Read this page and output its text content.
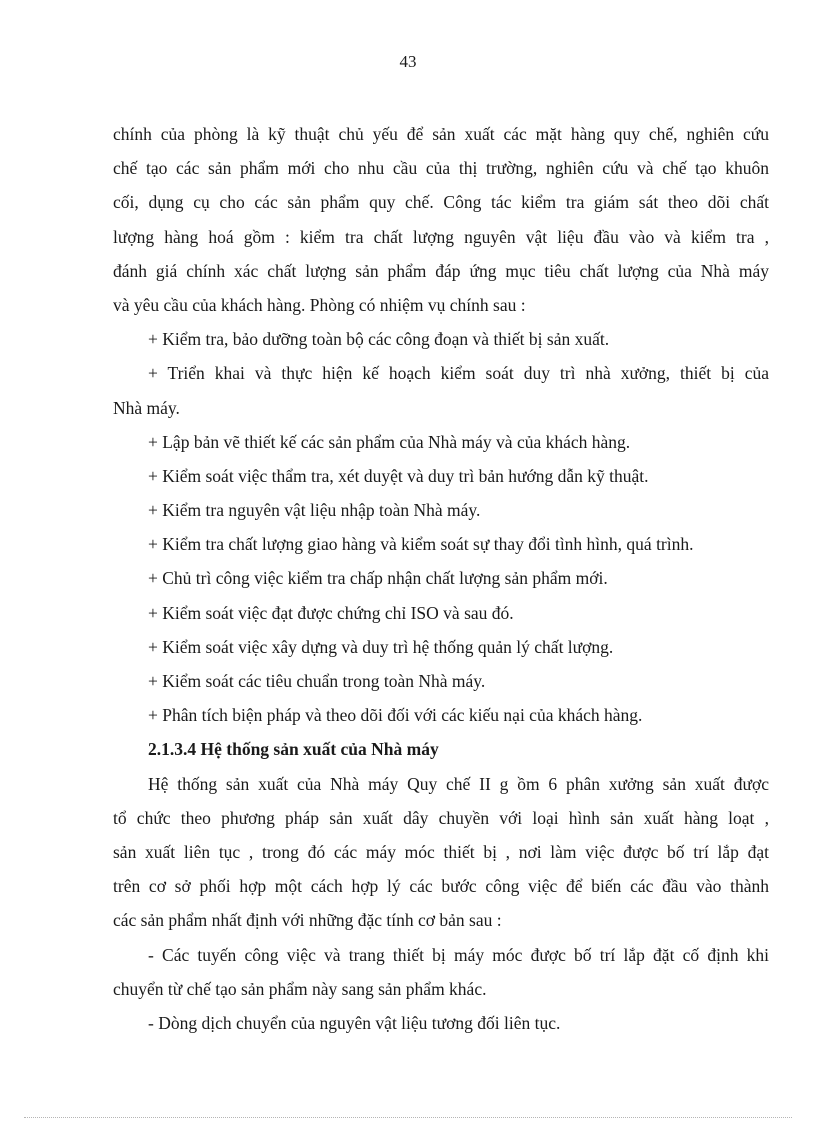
43
chính của phòng là kỹ thuật chủ yếu để sản xuất các mặt hàng quy chế, nghiên cứu
chế tạo các sản phẩm mới cho nhu cầu của thị trường, nghiên cứu và chế tạo khuôn
cối, dụng cụ cho các sản phẩm quy chế. Công tác kiểm tra giám sát theo dõi chất
lượng hàng hoá gồm : kiểm tra chất lượng nguyên vật liệu đầu vào và kiểm tra ,
đánh giá chính xác chất lượng sản phẩm đáp ứng mục tiêu chất lượng của Nhà máy
và yêu cầu của khách hàng. Phòng có nhiệm vụ chính sau :
+ Kiểm tra, bảo dưỡng toàn bộ các công đoạn và thiết bị sản xuất.
+ Triển khai và thực hiện kế hoạch kiểm soát duy trì nhà xưởng, thiết bị của
Nhà máy.
+ Lập bản vẽ thiết kế các sản phẩm của Nhà máy và của khách hàng.
+ Kiểm soát việc thẩm tra, xét duyệt và duy trì bản hướng dẫn kỹ thuật.
+ Kiểm tra nguyên vật liệu nhập toàn Nhà máy.
+ Kiểm tra chất lượng giao hàng và kiểm soát sự thay đổi tình hình, quá trình.
+ Chủ trì công việc kiểm tra chấp nhận chất lượng sản phẩm mới.
+ Kiểm soát việc đạt được chứng chỉ ISO và sau đó.
+ Kiểm soát việc xây dựng và duy trì hệ thống quản lý chất lượng.
+ Kiểm soát các tiêu chuẩn trong toàn Nhà máy.
+ Phân tích biện pháp và theo dõi đối với các kiếu nại của khách hàng.
2.1.3.4 Hệ thống sản xuất của Nhà máy
Hệ thống sản xuất của Nhà máy Quy chế II g ồm 6 phân xưởng sản xuất được
tổ chức theo phương pháp sản xuất dây chuyền với loại hình sản xuất hàng loạt ,
sản xuất liên tục , trong đó các máy móc thiết bị , nơi làm việc được bố trí lắp đạt
trên cơ sở phối hợp một cách hợp lý các bước công việc để biến các đầu vào thành
các sản phẩm nhất định với những đặc tính cơ bản sau :
- Các tuyến công việc và trang thiết bị máy móc được bố trí lắp đặt cố định khi
chuyển từ chế tạo sản phẩm này sang sản phẩm khác.
- Dòng dịch chuyển của nguyên vật liệu tương đối liên tục.
